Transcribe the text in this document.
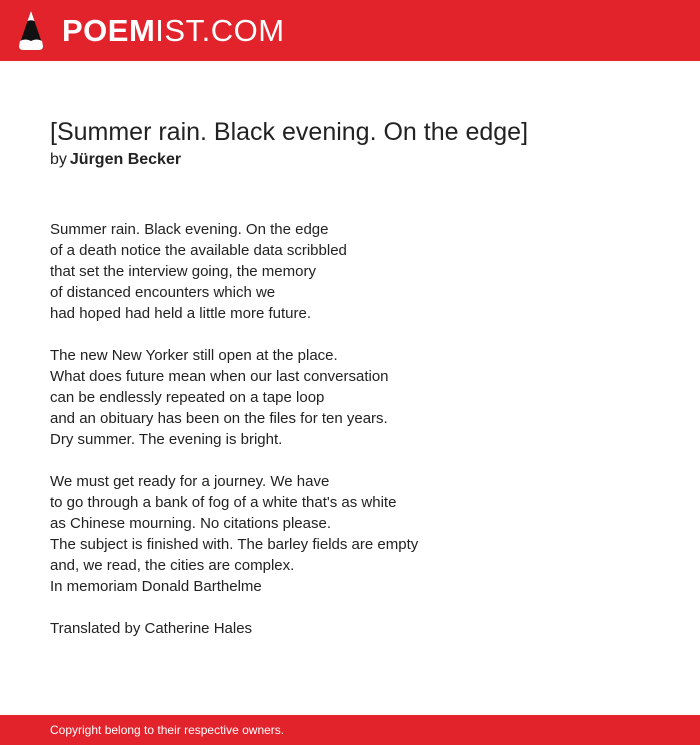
POEMIST.COM
[Summer rain. Black evening. On the edge]
by Jürgen Becker
Summer rain. Black evening. On the edge
of a death notice the available data scribbled
that set the interview going, the memory
of distanced encounters which we
had hoped had held a little more future.
The new New Yorker still open at the place.
What does future mean when our last conversation
can be endlessly repeated on a tape loop
and an obituary has been on the files for ten years.
Dry summer. The evening is bright.
We must get ready for a journey. We have
to go through a bank of fog of a white that's as white
as Chinese mourning. No citations please.
The subject is finished with. The barley fields are empty
and, we read, the cities are complex.
In memoriam Donald Barthelme
Translated by Catherine Hales
Copyright belong to their respective owners.
